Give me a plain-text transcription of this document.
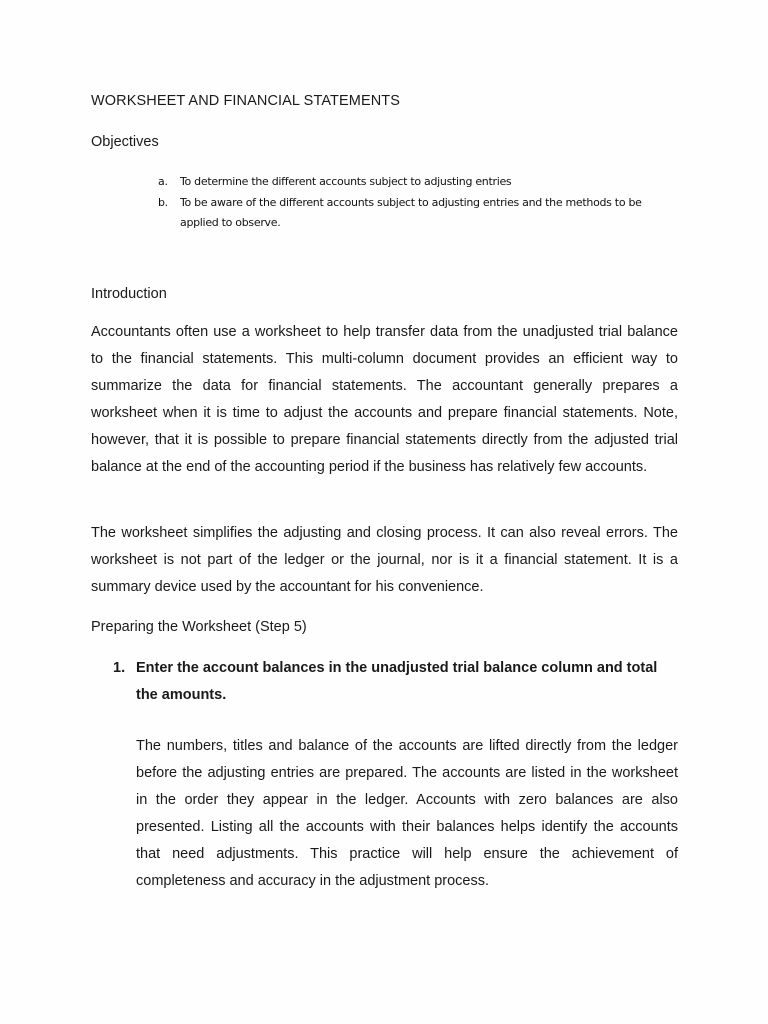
WORKSHEET AND FINANCIAL STATEMENTS
Objectives
a. To determine the different accounts subject to adjusting entries
b. To be aware of the different accounts subject to adjusting entries and the methods to be applied to observe.
Introduction

Accountants often use a worksheet to help transfer data from the unadjusted trial balance to the financial statements. This multi-column document provides an efficient way to summarize the data for financial statements. The accountant generally prepares a worksheet when it is time to adjust the accounts and prepare financial statements. Note, however, that it is possible to prepare financial statements directly from the adjusted trial balance at the end of the accounting period if the business has relatively few accounts.

The worksheet simplifies the adjusting and closing process. It can also reveal errors. The worksheet is not part of the ledger or the journal, nor is it a financial statement. It is a summary device used by the accountant for his convenience.

Preparing the Worksheet (Step 5)
1. Enter the account balances in the unadjusted trial balance column and total the amounts.

The numbers, titles and balance of the accounts are lifted directly from the ledger before the adjusting entries are prepared. The accounts are listed in the worksheet in the order they appear in the ledger. Accounts with zero balances are also presented. Listing all the accounts with their balances helps identify the accounts that need adjustments. This practice will help ensure the achievement of completeness and accuracy in the adjustment process.
